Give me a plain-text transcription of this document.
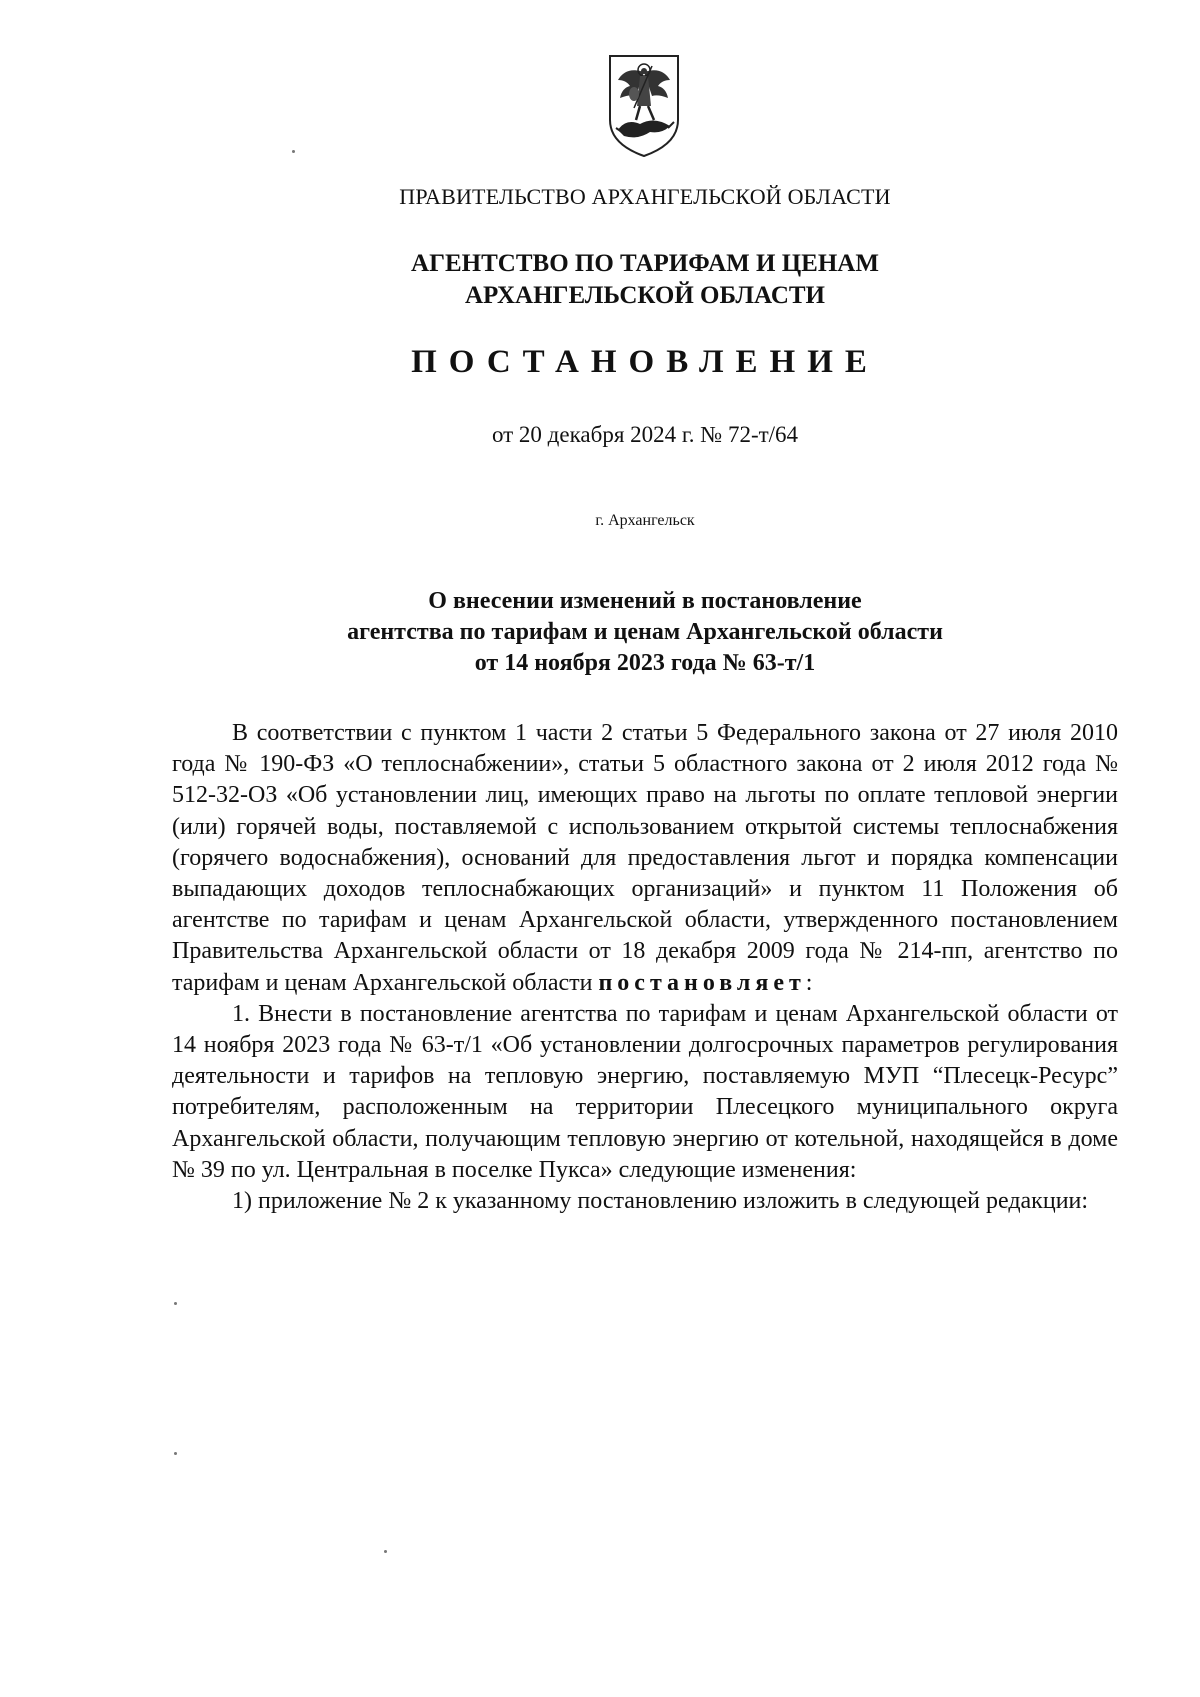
ПРАВИТЕЛЬСТВО АРХАНГЕЛЬСКОЙ ОБЛАСТИ
АГЕНТСТВО ПО ТАРИФАМ И ЦЕНАМ
АРХАНГЕЛЬСКОЙ ОБЛАСТИ
ПОСТАНОВЛЕНИЕ
от 20 декабря 2024 г. № 72-т/64
г. Архангельск
О внесении изменений в постановление
агентства по тарифам и ценам Архангельской области
от 14 ноября 2023 года № 63-т/1

В соответствии с пунктом 1 части 2 статьи 5 Федерального закона от 27 июля 2010 года № 190-ФЗ «О теплоснабжении», статьи 5 областного закона от 2 июля 2012 года № 512-32-ОЗ «Об установлении лиц, имеющих право на льготы по оплате тепловой энергии (или) горячей воды, поставляемой с использованием открытой системы теплоснабжения (горячего водоснабжения), оснований для предоставления льгот и порядка компенсации выпадающих доходов теплоснабжающих организаций» и пунктом 11 Положения об агентстве по тарифам и ценам Архангельской области, утвержденного постановлением Правительства Архангельской области от 18 декабря 2009 года № 214-пп, агентство по тарифам и ценам Архангельской области постановляет:

1. Внести в постановление агентства по тарифам и ценам Архангельской области от 14 ноября 2023 года № 63-т/1 «Об установлении долгосрочных параметров регулирования деятельности и тарифов на тепловую энергию, поставляемую МУП “Плесецк-Ресурс” потребителям, расположенным на территории Плесецкого муниципального округа Архангельской области, получающим тепловую энергию от котельной, находящейся в доме № 39 по ул. Центральная в поселке Пукса» следующие изменения:

1) приложение № 2 к указанному постановлению изложить в следующей редакции:
